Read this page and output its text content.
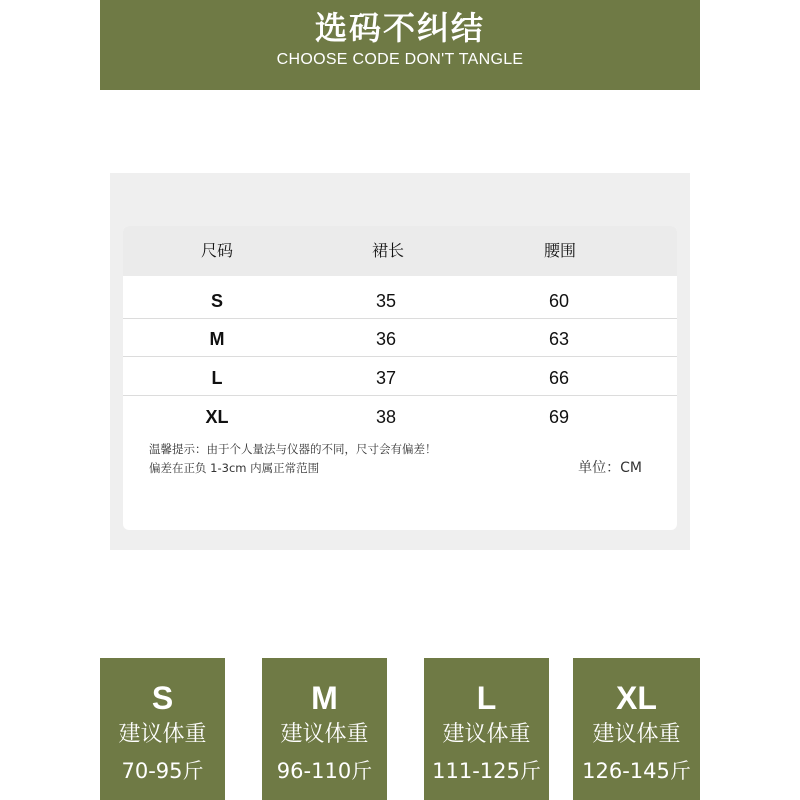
选码不纠结
CHOOSE CODE DON'T TANGLE
尺码	裙长	腰围
S	35	60
M	36	63
L	37	66
XL	38	69
温馨提示：由于个人量法与仪器的不同，尺寸会有偏差！
偏差在正负 1-3cm 内属正常范围	单位：CM
S
建议体重
70-95斤
M
建议体重
96-110斤
L
建议体重
111-125斤
XL
建议体重
126-145斤
